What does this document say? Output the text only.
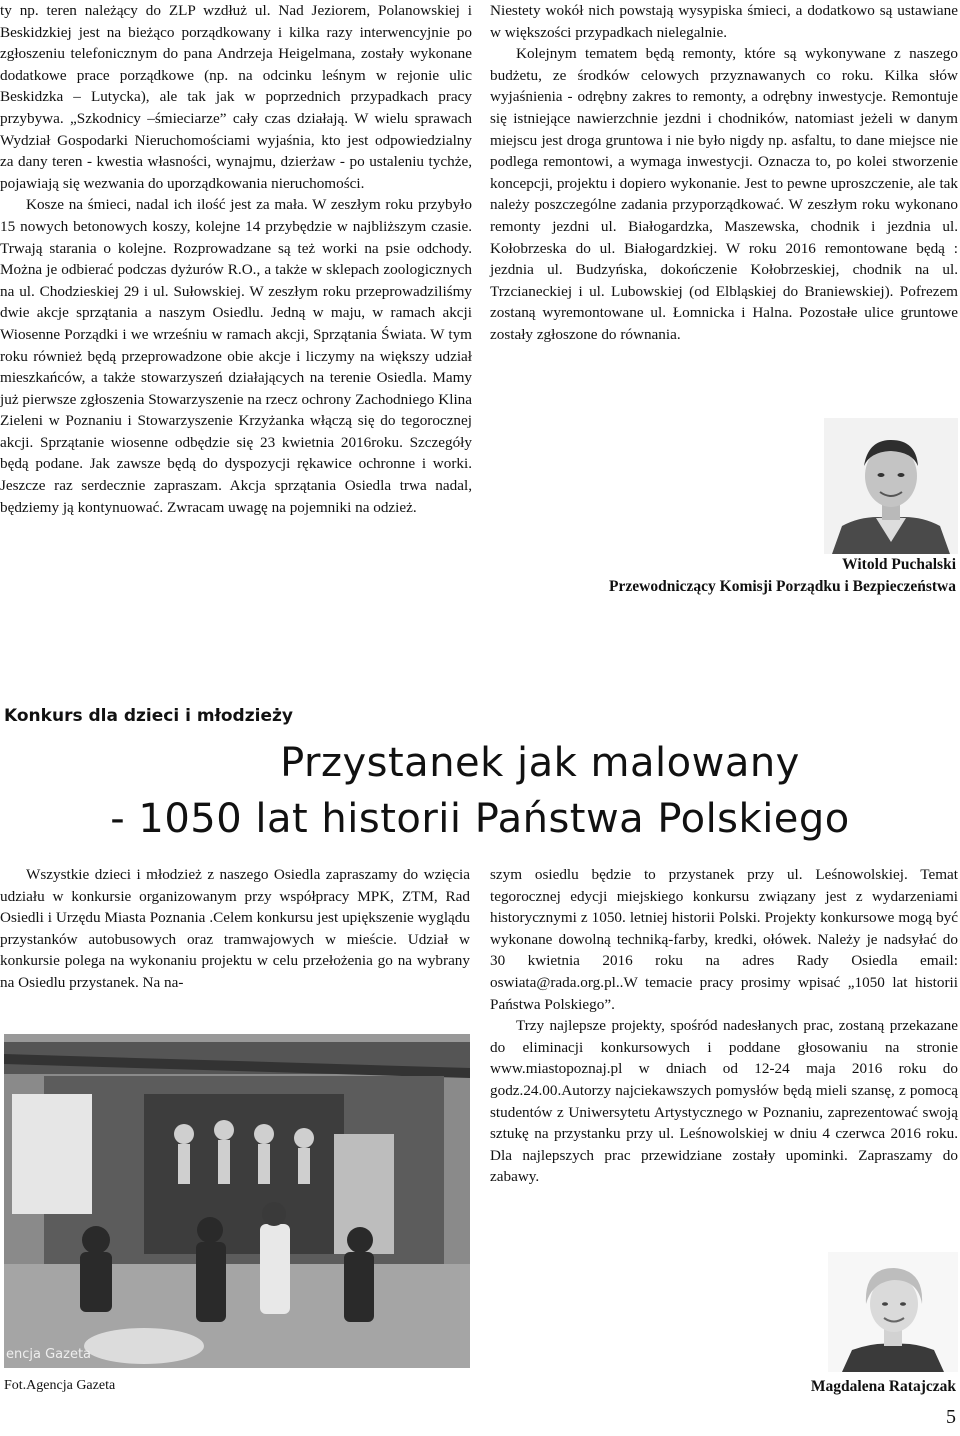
ty np. teren należący do ZLP wzdłuż ul. Nad Jeziorem, Polanowskiej i Beskidzkiej jest na bieżąco porządkowany i kilka razy interwencyjnie po zgłoszeniu telefonicznym do pana Andrzeja Heigelmana, zostały wykonane dodatkowe prace porządkowe (np. na odcinku leśnym w rejonie ulic Beskidzka – Lutycka), ale tak jak w poprzednich przypadkach pracy przybywa. „Szkodnicy –śmieciarze” cały czas działają. W wielu sprawach Wydział Gospodarki Nieruchomościami wyjaśnia, kto jest odpowiedzialny za dany teren - kwestia własności, wynajmu, dzierżaw - po ustaleniu tychże, pojawiają się wezwania do uporządkowania nieruchomości.

Kosze na śmieci, nadal ich ilość jest za mała. W zeszłym roku przybyło 15 nowych betonowych koszy, kolejne 14 przybędzie w najbliższym czasie. Trwają starania o kolejne. Rozprowadzane są też worki na psie odchody. Można je odbierać podczas dyżurów R.O., a także w sklepach zoologicznych na ul. Chodzieskiej 29 i ul. Sułowskiej. W zeszłym roku przeprowadziliśmy dwie akcje sprzątania a naszym Osiedlu. Jedną w maju, w ramach akcji Wiosenne Porządki i we wrześniu w ramach akcji, Sprzątania Świata. W tym roku również będą przeprowadzone obie akcje i liczymy na większy udział mieszkańców, a także stowarzyszeń działających na terenie Osiedla. Mamy już pierwsze zgłoszenia Stowarzyszenie na rzecz ochrony Zachodniego Klina Zieleni w Poznaniu i Stowarzyszenie Krzyżanka włączą się do tegorocznej akcji. Sprzątanie wiosenne odbędzie się 23 kwietnia 2016roku. Szczegóły będą podane. Jak zawsze będą do dyspozycji rękawice ochronne i worki. Jeszcze raz serdecznie zapraszam. Akcja sprzątania Osiedla trwa nadal, będziemy ją kontynuować. Zwracam uwagę na pojemniki na odzież.

Niestety wokół nich powstają wysypiska śmieci, a dodatkowo są ustawiane w większości przypadkach nielegalnie.

Kolejnym tematem będą remonty, które są wykonywane z naszego budżetu, ze środków celowych przyznawanych co roku. Kilka słów wyjaśnienia - odrębny zakres to remonty, a odrębny inwestycje. Remontuje się istniejące nawierzchnie jezdni i chodników, natomiast jeżeli w danym miejscu jest droga gruntowa i nie było nigdy np. asfaltu, to dane miejsce nie podlega remontowi, a wymaga inwestycji. Oznacza to, po kolei stworzenie koncepcji, projektu i dopiero wykonanie. Jest to pewne uproszczenie, ale tak należy poszczególne zadania przyporządkować. W zeszłym roku wykonano remonty jezdni ul. Białogardzka, Maszewska, chodnik i jezdnia ul. Kołobrzeska do ul. Białogardzkiej. W roku 2016 remontowane będą : jezdnia ul. Budzyńska, dokończenie Kołobrzeskiej, chodnik na ul. Trzcianeckiej i ul. Lubowskiej (od Elbląskiej do Braniewskiej). Pofrezem zostaną wyremontowane ul. Łomnicka i Halna. Pozostałe ulice gruntowe zostały zgłoszone do równania.

Witold Puchalski
Przewodniczący Komisji Porządku i Bezpieczeństwa
Konkurs dla dzieci i młodzieży
Przystanek jak malowany
- 1050 lat historii Państwa Polskiego

Wszystkie dzieci i młodzież z naszego Osiedla zapraszamy do wzięcia udziału w konkursie organizowanym przy współpracy MPK, ZTM, Rad Osiedli i Urzędu Miasta Poznania .Celem konkursu jest upiększenie wyglądu przystanków autobusowych oraz tramwajowych w mieście. Udział w konkursie polega na wykonaniu projektu w celu przełożenia go na wybrany na Osiedlu przystanek. Na na-

encja Gazeta
Fot.Agencja Gazeta

szym osiedlu będzie to przystanek przy ul. Leśnowolskiej. Temat tegorocznej edycji miejskiego konkursu związany jest z wydarzeniami historycznymi z 1050. letniej historii Polski. Projekty konkursowe mogą być wykonane dowolną techniką-farby, kredki, ołówek. Należy je nadsyłać do 30 kwietnia 2016 roku na adres Rady Osiedla email: oswiata@rada.org.pl..W temacie pracy prosimy wpisać „1050 lat historii Państwa Polskiego”.

Trzy najlepsze projekty, spośród nadesłanych prac, zostaną przekazane do eliminacji konkursowych i poddane głosowaniu na stronie www.miastopoznaj.pl w dniach od 12-24 maja 2016 roku do godz.24.00.Autorzy najciekawszych pomysłów będą mieli szansę, z pomocą studentów z Uniwersytetu Artystycznego w Poznaniu, zaprezentować swoją sztukę na przystanku przy ul. Leśnowolskiej w dniu 4 czerwca 2016 roku. Dla najlepszych prac przewidziane zostały upominki. Zapraszamy do zabawy.

Magdalena Ratajczak
5
